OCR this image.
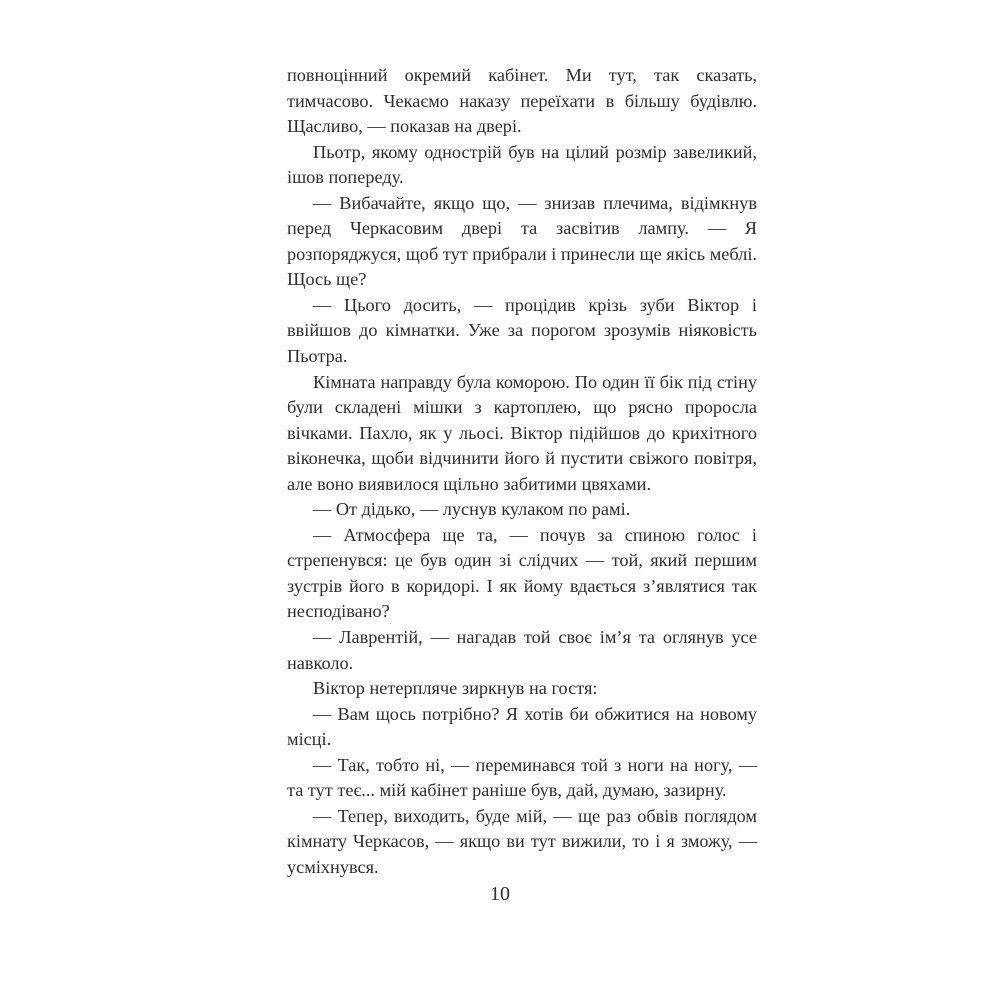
повноцінний окремий кабінет. Ми тут, так сказать, тимчасово. Чекаємо наказу переїхати в більшу будівлю. Щасливо, — показав на двері.

Пьотр, якому однострій був на цілий розмір завеликий, ішов попереду.

— Вибачайте, якщо що, — знизав плечима, відімкнув перед Черкасовим двері та засвітив лампу. — Я розпоряджуся, щоб тут прибрали і принесли ще якісь меблі. Щось ще?

— Цього досить, — процідив крізь зуби Віктор і ввійшов до кімнатки. Уже за порогом зрозумів ніяковість Пьотра.

Кімната направду була коморою. По один її бік під стіну були складені мішки з картоплею, що рясно проросла вічками. Пахло, як у льосі. Віктор підійшов до крихітного віконечка, щоби відчинити його й пустити свіжого повітря, але воно виявилося щільно забитими цвяхами.

— От дідько, — луснув кулаком по рамі.

— Атмосфера ще та, — почув за спиною голос і стрепенувся: це був один зі слідчих — той, який першим зустрів його в коридорі. І як йому вдається з’являтися так несподівано?

— Лаврентій, — нагадав той своє ім’я та оглянув усе навколо.

Віктор нетерпляче зиркнув на гостя:

— Вам щось потрібно? Я хотів би обжитися на новому місці.

— Так, тобто ні, — переминався той з ноги на ногу, — та тут теє... мій кабінет раніше був, дай, думаю, зазирну.

— Тепер, виходить, буде мій, — ще раз обвів поглядом кімнату Черкасов, — якщо ви тут вижили, то і я зможу, — усміхнувся.

10
